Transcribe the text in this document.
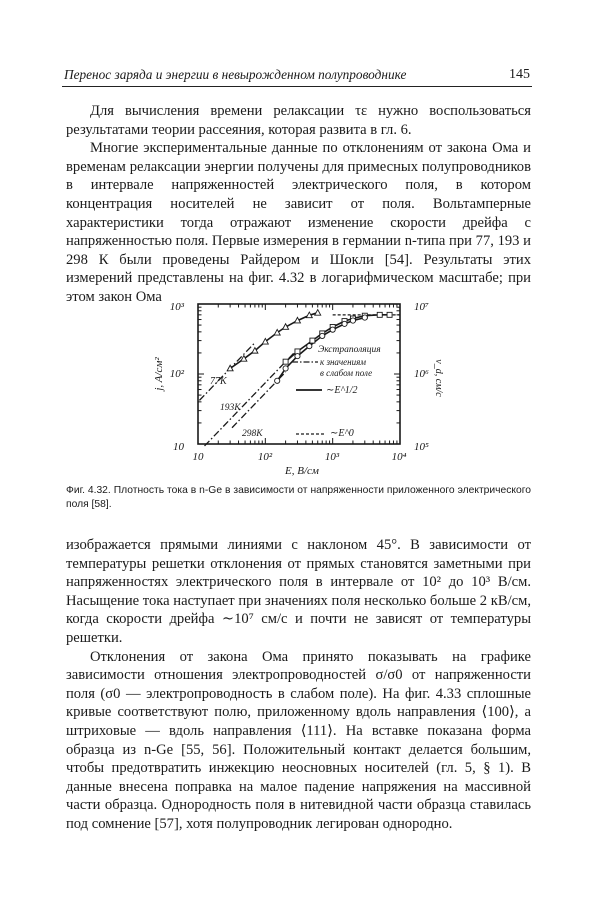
Перенос заряда и энергии в невырожденном полупроводнике	145

Для вычисления времени релаксации τε нужно воспользоваться результатами теории рассеяния, которая развита в гл. 6.

Многие экспериментальные данные по отклонениям от закона Ома и временам релаксации энергии получены для примесных полупроводников в интервале напряженностей электрического поля, в котором концентрация носителей не зависит от поля. Вольтамперные характеристики тогда отражают изменение скорости дрейфа с напряженностью поля. Первые измерения в германии n-типа при 77, 193 и 298 К были проведены Райдером и Шокли [54]. Результаты этих измерений представлены на фиг. 4.32 в логарифмическом масштабе; при этом закон Ома

10³
10²
10
10	10²	10³	10⁴
10⁷
10⁶
10⁵
j, A/см²
E, В/см
v_d, см/с
77K
193K
298K
Экстраполяция
к значениям
в слабом поле
∼E^1/2
∼E^0
Фиг. 4.32. Плотность тока в n-Ge в зависимости от напряженности приложенного электрического поля [58].

изображается прямыми линиями с наклоном 45°. В зависимости от температуры решетки отклонения от прямых становятся заметными при напряженностях электрического поля в интервале от 10² до 10³ В/см. Насыщение тока наступает при значениях поля несколько больше 2 кВ/см, когда скорости дрейфа ∼10⁷ см/с и почти не зависят от температуры решетки.

Отклонения от закона Ома принято показывать на графике зависимости отношения электропроводностей σ/σ0 от напряженности поля (σ0 — электропроводность в слабом поле). На фиг. 4.33 сплошные кривые соответствуют полю, приложенному вдоль направления ⟨100⟩, а штриховые — вдоль направления ⟨111⟩. На вставке показана форма образца из n-Ge [55, 56]. Положительный контакт делается большим, чтобы предотвратить инжекцию неосновных носителей (гл. 5, § 1). В данные внесена поправка на малое падение напряжения на массивной части образца. Однородность поля в нитевидной части образца ставилась под сомнение [57], хотя полупроводник легирован однородно.
